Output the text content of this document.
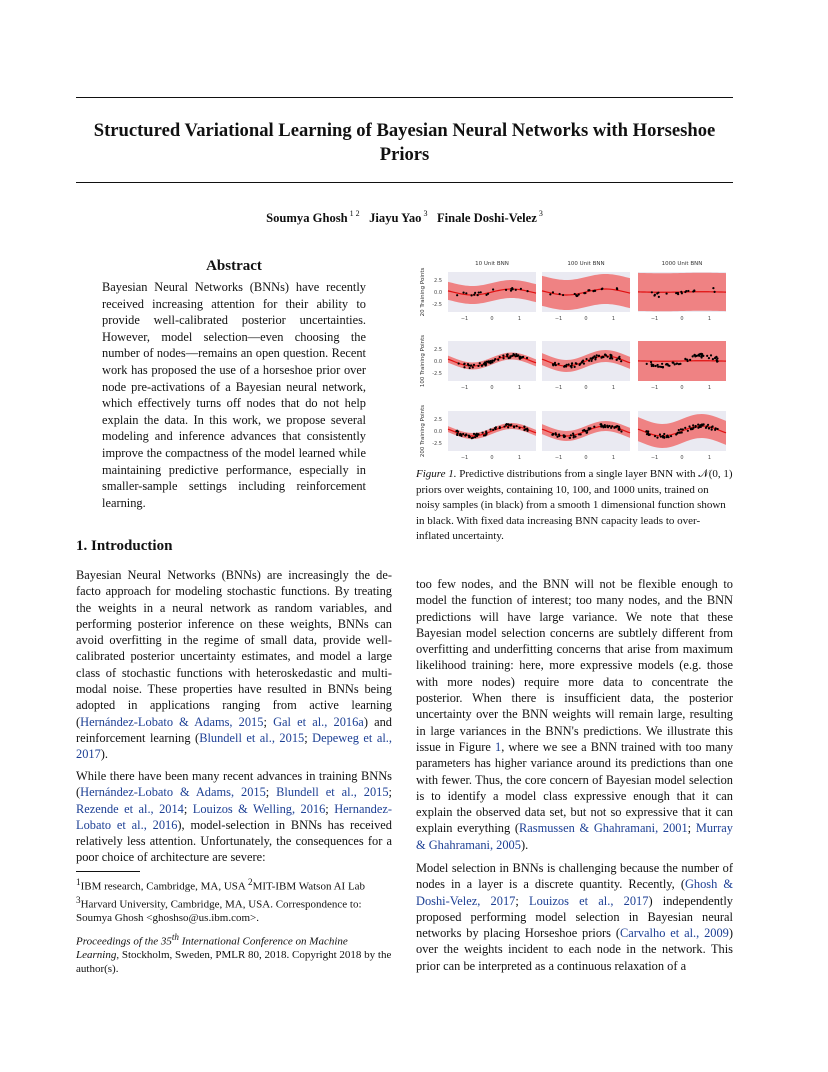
Structured Variational Learning of Bayesian Neural Networks with Horseshoe Priors
Soumya Ghosh $^{1 2}$ Jiayu Yao $^3$ Finale Doshi-Velez $^3$
Abstract
Bayesian Neural Networks (BNNs) have recently received increasing attention for their ability to provide well-calibrated posterior uncertainties. However, model selection—even choosing the number of nodes—remains an open question. Recent work has proposed the use of a horseshoe prior over node pre-activations of a Bayesian neural network, which effectively turns off nodes that do not help explain the data. In this work, we propose several modeling and inference advances that consistently improve the compactness of the model learned while maintaining predictive performance, especially in smaller-sample settings including reinforcement learning.
1. Introduction
Bayesian Neural Networks (BNNs) are increasingly the de-facto approach for modeling stochastic functions. By treating the weights in a neural network as random variables, and performing posterior inference on these weights, BNNs can avoid overfitting in the regime of small data, provide well-calibrated posterior uncertainty estimates, and model a large class of stochastic functions with heteroskedastic and multi-modal noise. These properties have resulted in BNNs being adopted in applications ranging from active learning (Hernández-Lobato & Adams, 2015; Gal et al., 2016a) and reinforcement learning (Blundell et al., 2015; Depeweg et al., 2017).
While there have been many recent advances in training BNNs (Hernández-Lobato & Adams, 2015; Blundell et al., 2015; Rezende et al., 2014; Louizos & Welling, 2016; Hernandez-Lobato et al., 2016), model-selection in BNNs has received relatively less attention. Unfortunately, the consequences for a poor choice of architecture are severe:
$^1$IBM research, Cambridge, MA, USA $^2$MIT-IBM Watson AI Lab $^3$Harvard University, Cambridge, MA, USA. Correspondence to: Soumya Ghosh <ghoshso@us.ibm.com>.
Proceedings of the 35th International Conference on Machine Learning, Stockholm, Sweden, PMLR 80, 2018. Copyright 2018 by the author(s).
too few nodes, and the BNN will not be flexible enough to model the function of interest; too many nodes, and the BNN predictions will have large variance. We note that these Bayesian model selection concerns are subtlely different from overfitting and underfitting concerns that arise from maximum likelihood training: here, more expressive models (e.g. those with more nodes) require more data to concentrate the posterior. When there is insufficient data, the posterior uncertainty over the BNN weights will remain large, resulting in large variances in the BNN's predictions. We illustrate this issue in Figure 1, where we see a BNN trained with too many parameters has higher variance around its predictions than one with fewer. Thus, the core concern of Bayesian model selection is to identify a model class expressive enough that it can explain the observed data set, but not so expressive that it can explain everything (Rasmussen & Ghahramani, 2001; Murray & Ghahramani, 2005).
Model selection in BNNs is challenging because the number of nodes in a layer is a discrete quantity. Recently, (Ghosh & Doshi-Velez, 2017; Louizos et al., 2017) independently proposed performing model selection in Bayesian neural networks by placing Horseshoe priors (Carvalho et al., 2009) over the weights incident to each node in the network. This prior can be interpreted as a continuous relaxation of a
10 Unit BNN	100 Unit BNN	1000 Unit BNN
20 Training Points
100 Training Points
200 Training Points
2.5
0.0
-2.5
−1	0	1	−1	0	1	−1	0	1
2.5
0.0
-2.5
−1	0	1	−1	0	1	−1	0	1
2.5
0.0
-2.5
−1	0	1	−1	0	1	−1	0	1
Figure 1. Predictive distributions from a single layer BNN with 𝒩(0, 1) priors over weights, containing 10, 100, and 1000 units, trained on noisy samples (in black) from a smooth 1 dimensional function shown in black. With fixed data increasing BNN capacity leads to over-inflated uncertainty.
